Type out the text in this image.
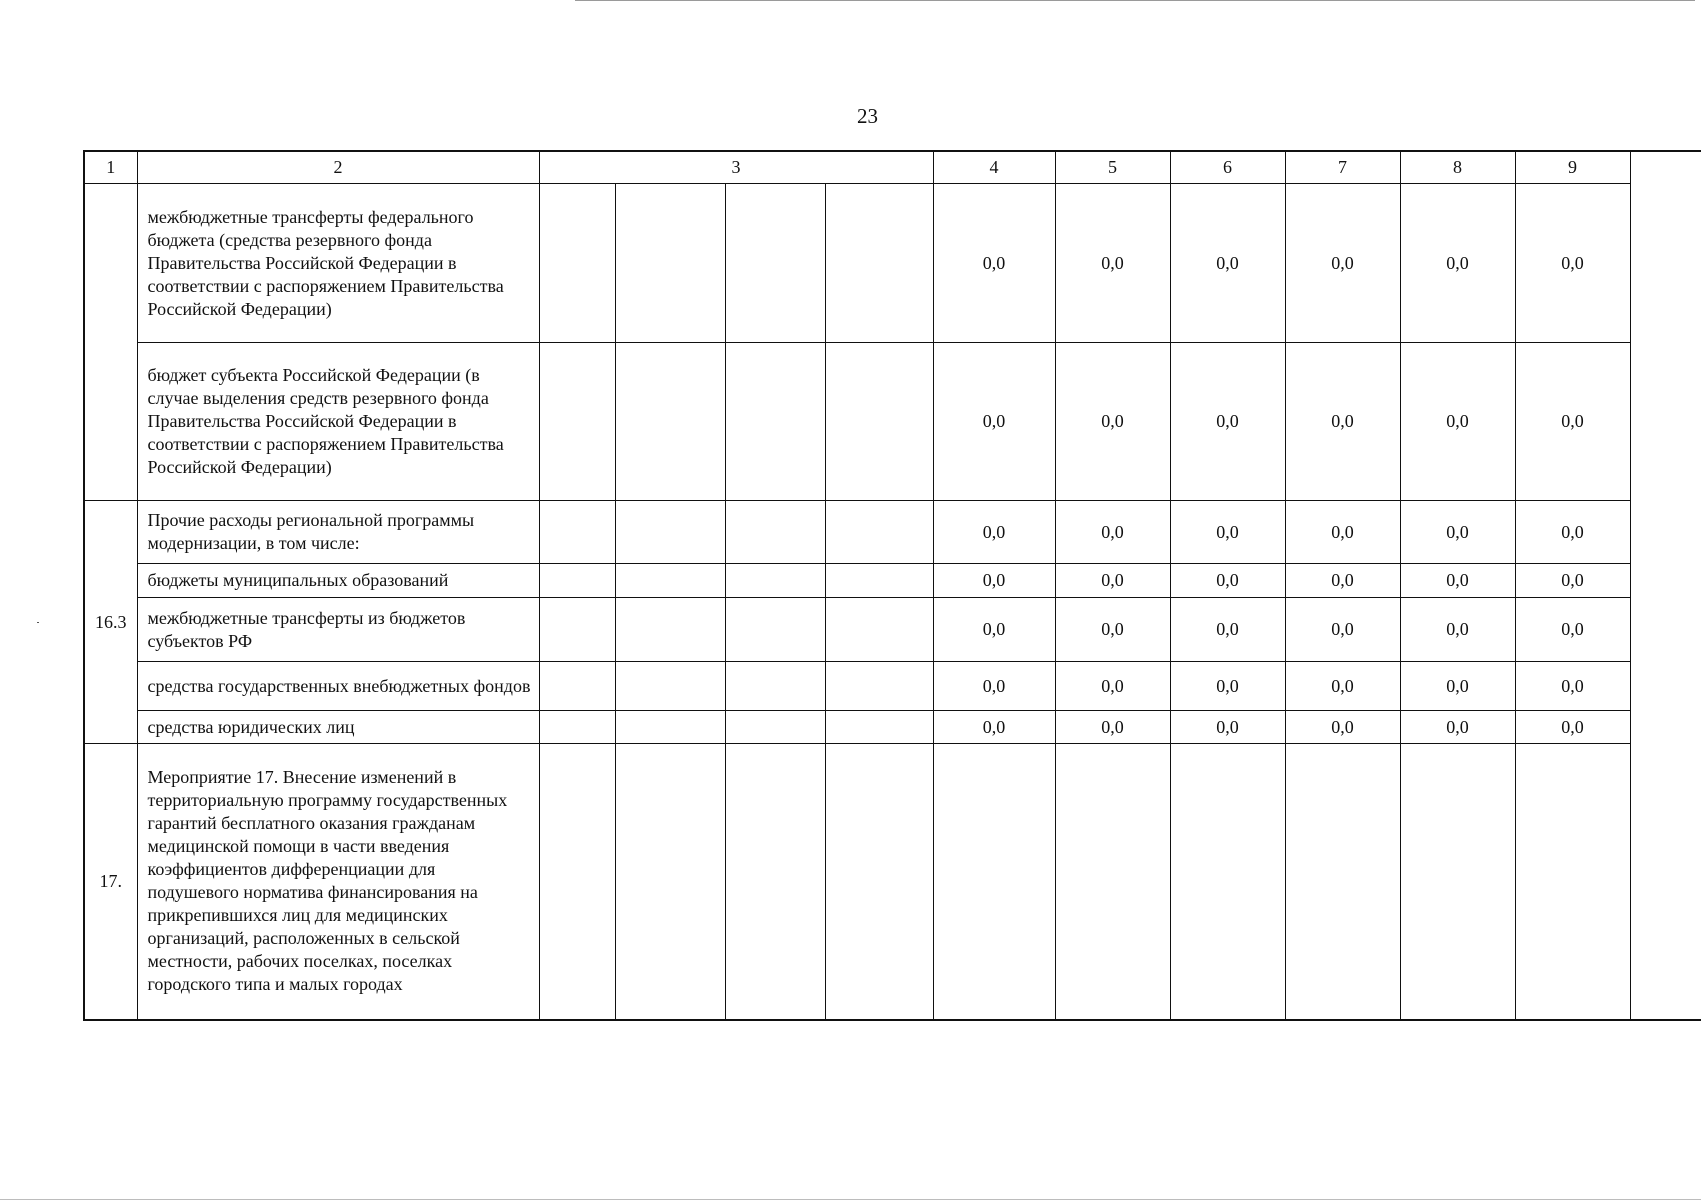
23
1	2	3				4	5	6	7	8	9
	межбюджетные трансферты федерального бюджета (средства резервного фонда Правительства Российской Федерации в соответствии с распоряжением Правительства Российской Федерации)					0,0	0,0	0,0	0,0	0,0	0,0
	бюджет субъекта Российской Федерации (в случае выделения средств резервного фонда Правительства Российской Федерации в соответствии с распоряжением Правительства Российской Федерации)					0,0	0,0	0,0	0,0	0,0	0,0
16.3	Прочие расходы региональной программы модернизации, в том числе:					0,0	0,0	0,0	0,0	0,0	0,0
	бюджеты муниципальных образований					0,0	0,0	0,0	0,0	0,0	0,0
	межбюджетные трансферты из бюджетов субъектов РФ					0,0	0,0	0,0	0,0	0,0	0,0
	средства государственных внебюджетных фондов					0,0	0,0	0,0	0,0	0,0	0,0
	средства юридических лиц					0,0	0,0	0,0	0,0	0,0	0,0
17.	Мероприятие 17. Внесение изменений в территориальную программу государственных гарантий бесплатного оказания гражданам медицинской помощи в части введения коэффициентов дифференциации для подушевого норматива финансирования на прикрепившихся лиц для медицинских организаций, расположенных в сельской местности, рабочих поселках, поселках городского типа и малых городах										
